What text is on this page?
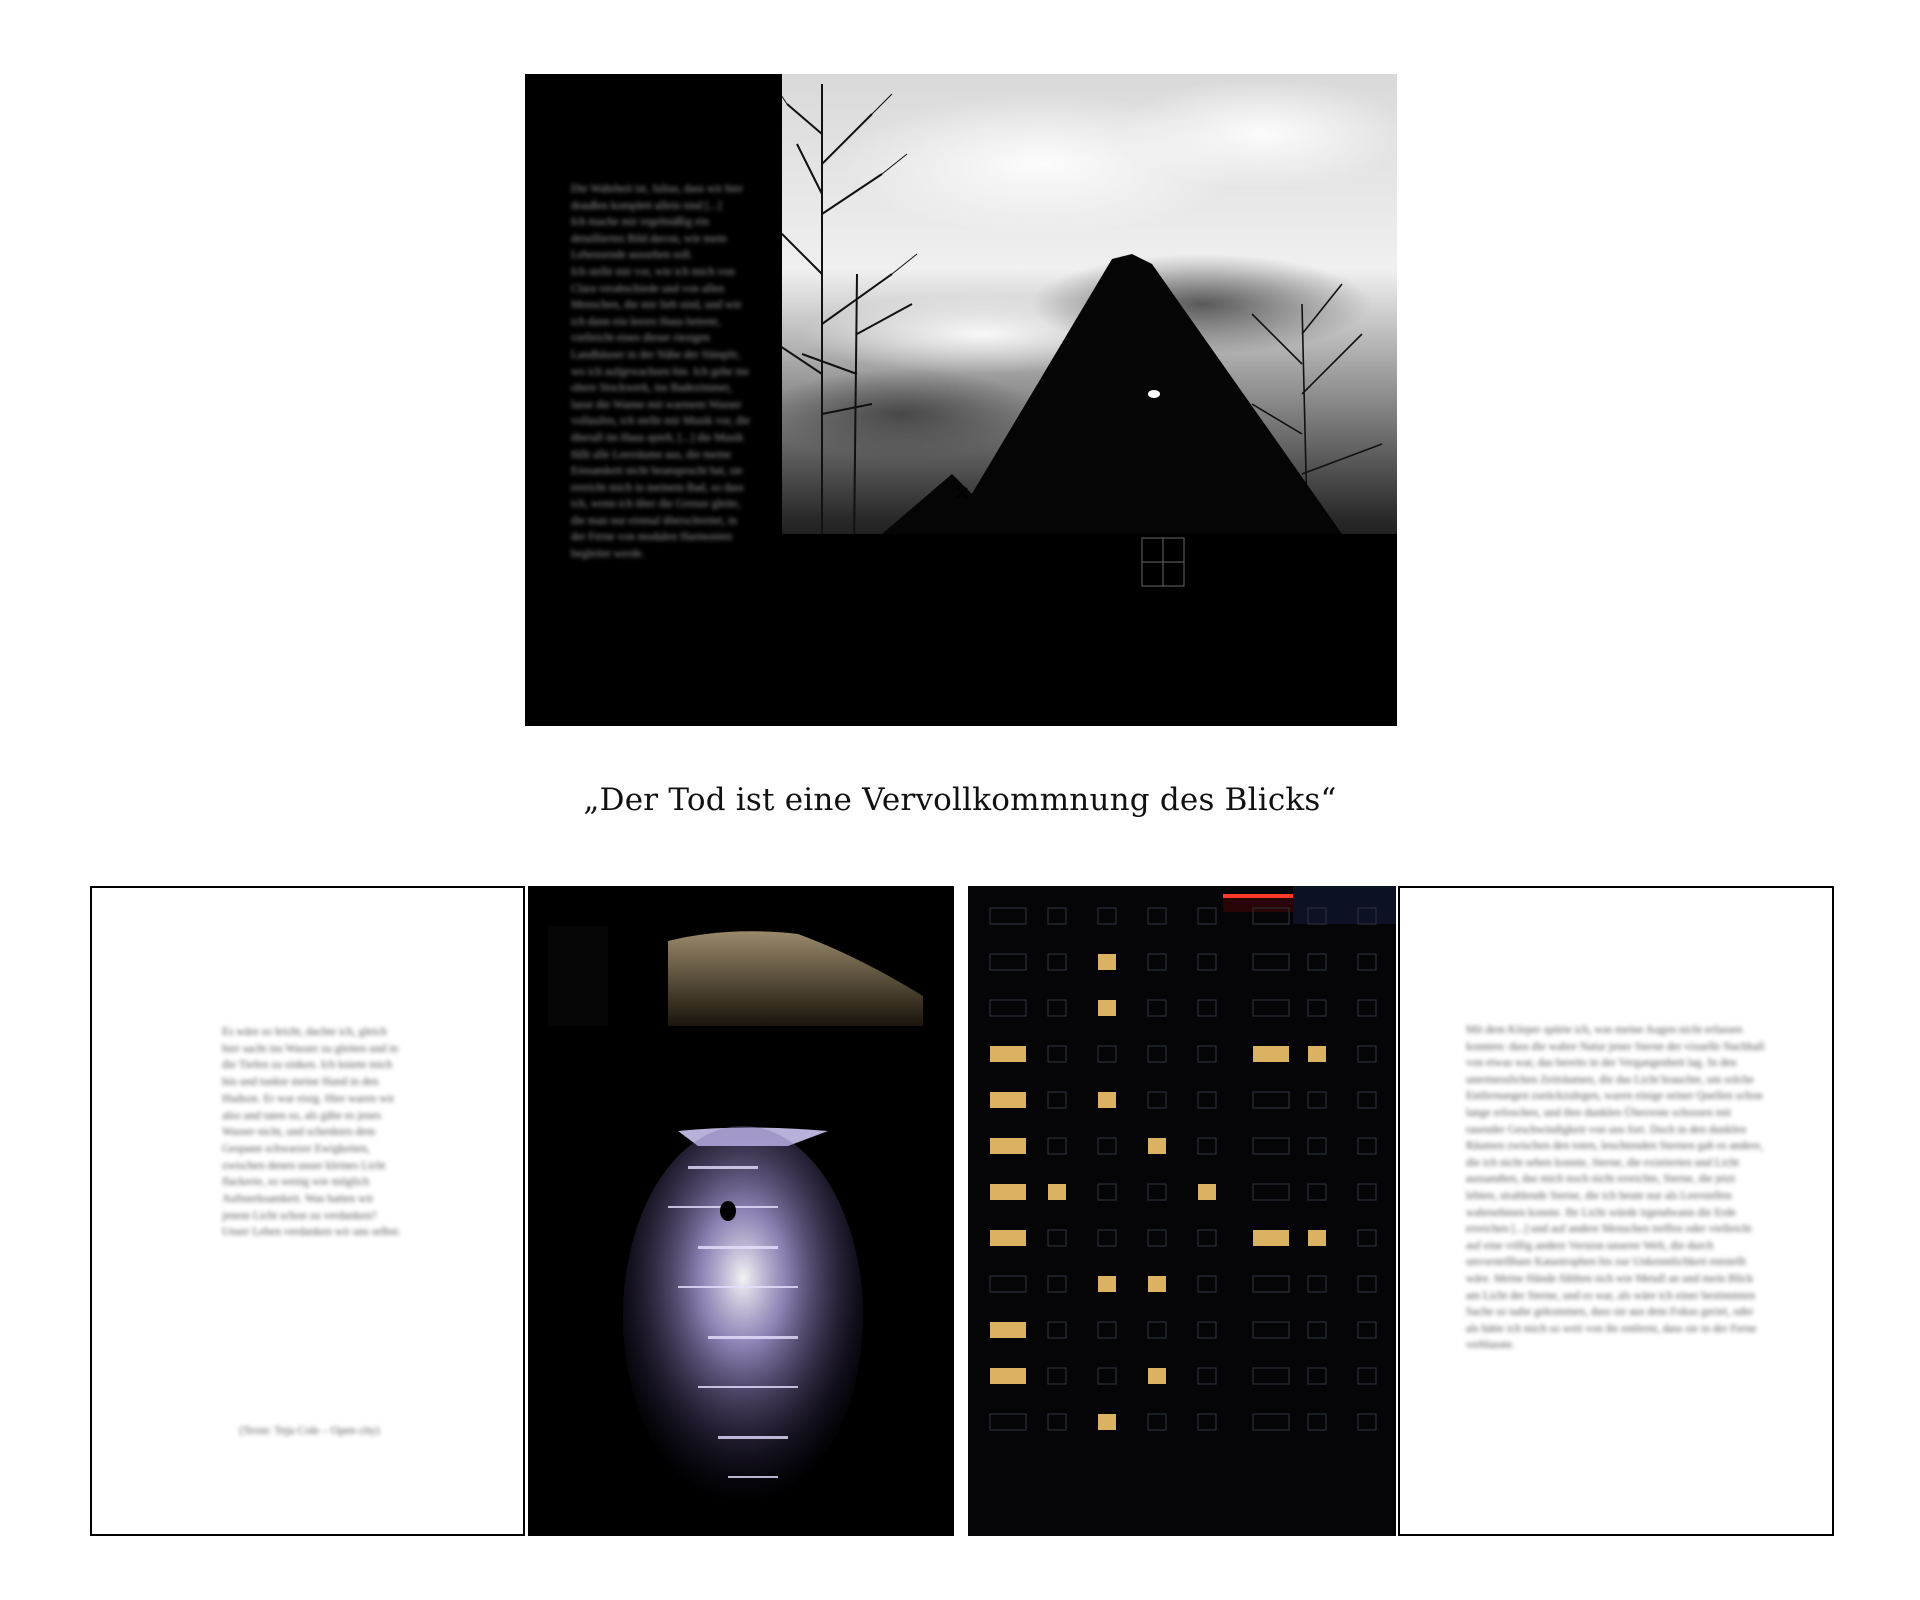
Die Wahrheit ist, Julius, dass wir hier draußen komplett allein sind [...]
Ich mache mir regelmäßig ein detailliertes Bild davon, wie mein Lebensende aussehen soll.
Ich stelle mir vor, wie ich mich von Clara verabschiede und von allen Menschen, die mir lieb sind, und wie ich dann ein leeres Haus betrete, vielleicht eines dieser riesigen Landhäuser in der Nähe der Sümpfe, wo ich aufgewachsen bin. Ich gehe ins obere Stockwerk, ins Badezimmer, lasse die Wanne mit warmem Wasser vollaufen, ich stelle mir Musik vor, die überall im Haus spielt, [...] die Musik füllt alle Leerräume aus, die meine Einsamkeit nicht beansprucht hat, sie erreicht mich in meinem Bad, so dass ich, wenn ich über die Grenze gleite, die man nur einmal überschreitet, in der Ferne von modalen Harmonien begleitet werde.
„Der Tod ist eine Vervollkommnung des Blicks“
Es wäre so leicht, dachte ich, gleich hier sacht ins Wasser zu gleiten und in die Tiefen zu sinken. Ich kniete mich hin und tunkte meine Hand in den Hudson. Er war eisig. Hier waren wir also und taten so, als gäbe es jenes Wasser nicht, und schenkten dem Gespann schwarzer Ewigkeiten, zwischen denen unser kleines Licht flackerte, so wenig wie möglich Aufmerksamkeit. Was hatten wir jenem Licht schon zu verdanken? Unser Leben verdanken wir uns selbst.
(Texte: Teju Cole – Open city)
Mit dem Körper spürte ich, was meine Augen nicht erfassen konnten: dass die wahre Natur jener Sterne der visuelle Nachhall von etwas war, das bereits in der Vergangenheit lag. In den unermesslichen Zeiträumen, die das Licht brauchte, um solche Entfernungen zurückzulegen, waren einige seiner Quellen schon lange erloschen, und ihre dunklen Überreste schossen mit rasender Geschwindigkeit von uns fort. Doch in den dunklen Räumen zwischen den toten, leuchtenden Sternen gab es andere, die ich nicht sehen konnte, Sterne, die existierten und Licht aussandten, das mich noch nicht erreichte, Sterne, die jetzt lebten, strahlende Sterne, die ich heute nur als Leerstellen wahrnehmen konnte. Ihr Licht würde irgendwann die Erde erreichen [...] und auf andere Menschen treffen oder vielleicht auf eine völlig andere Version unserer Welt, die durch unvorstellbare Katastrophen bis zur Unkenntlichkeit entstellt wäre. Meine Hände fühlten sich wie Metall an und mein Blick am Licht der Sterne, und es war, als wäre ich einer bestimmten Sache so nahe gekommen, dass sie aus dem Fokus geriet, oder als hätte ich mich so weit von ihr entfernt, dass sie in der Ferne verblasste.
